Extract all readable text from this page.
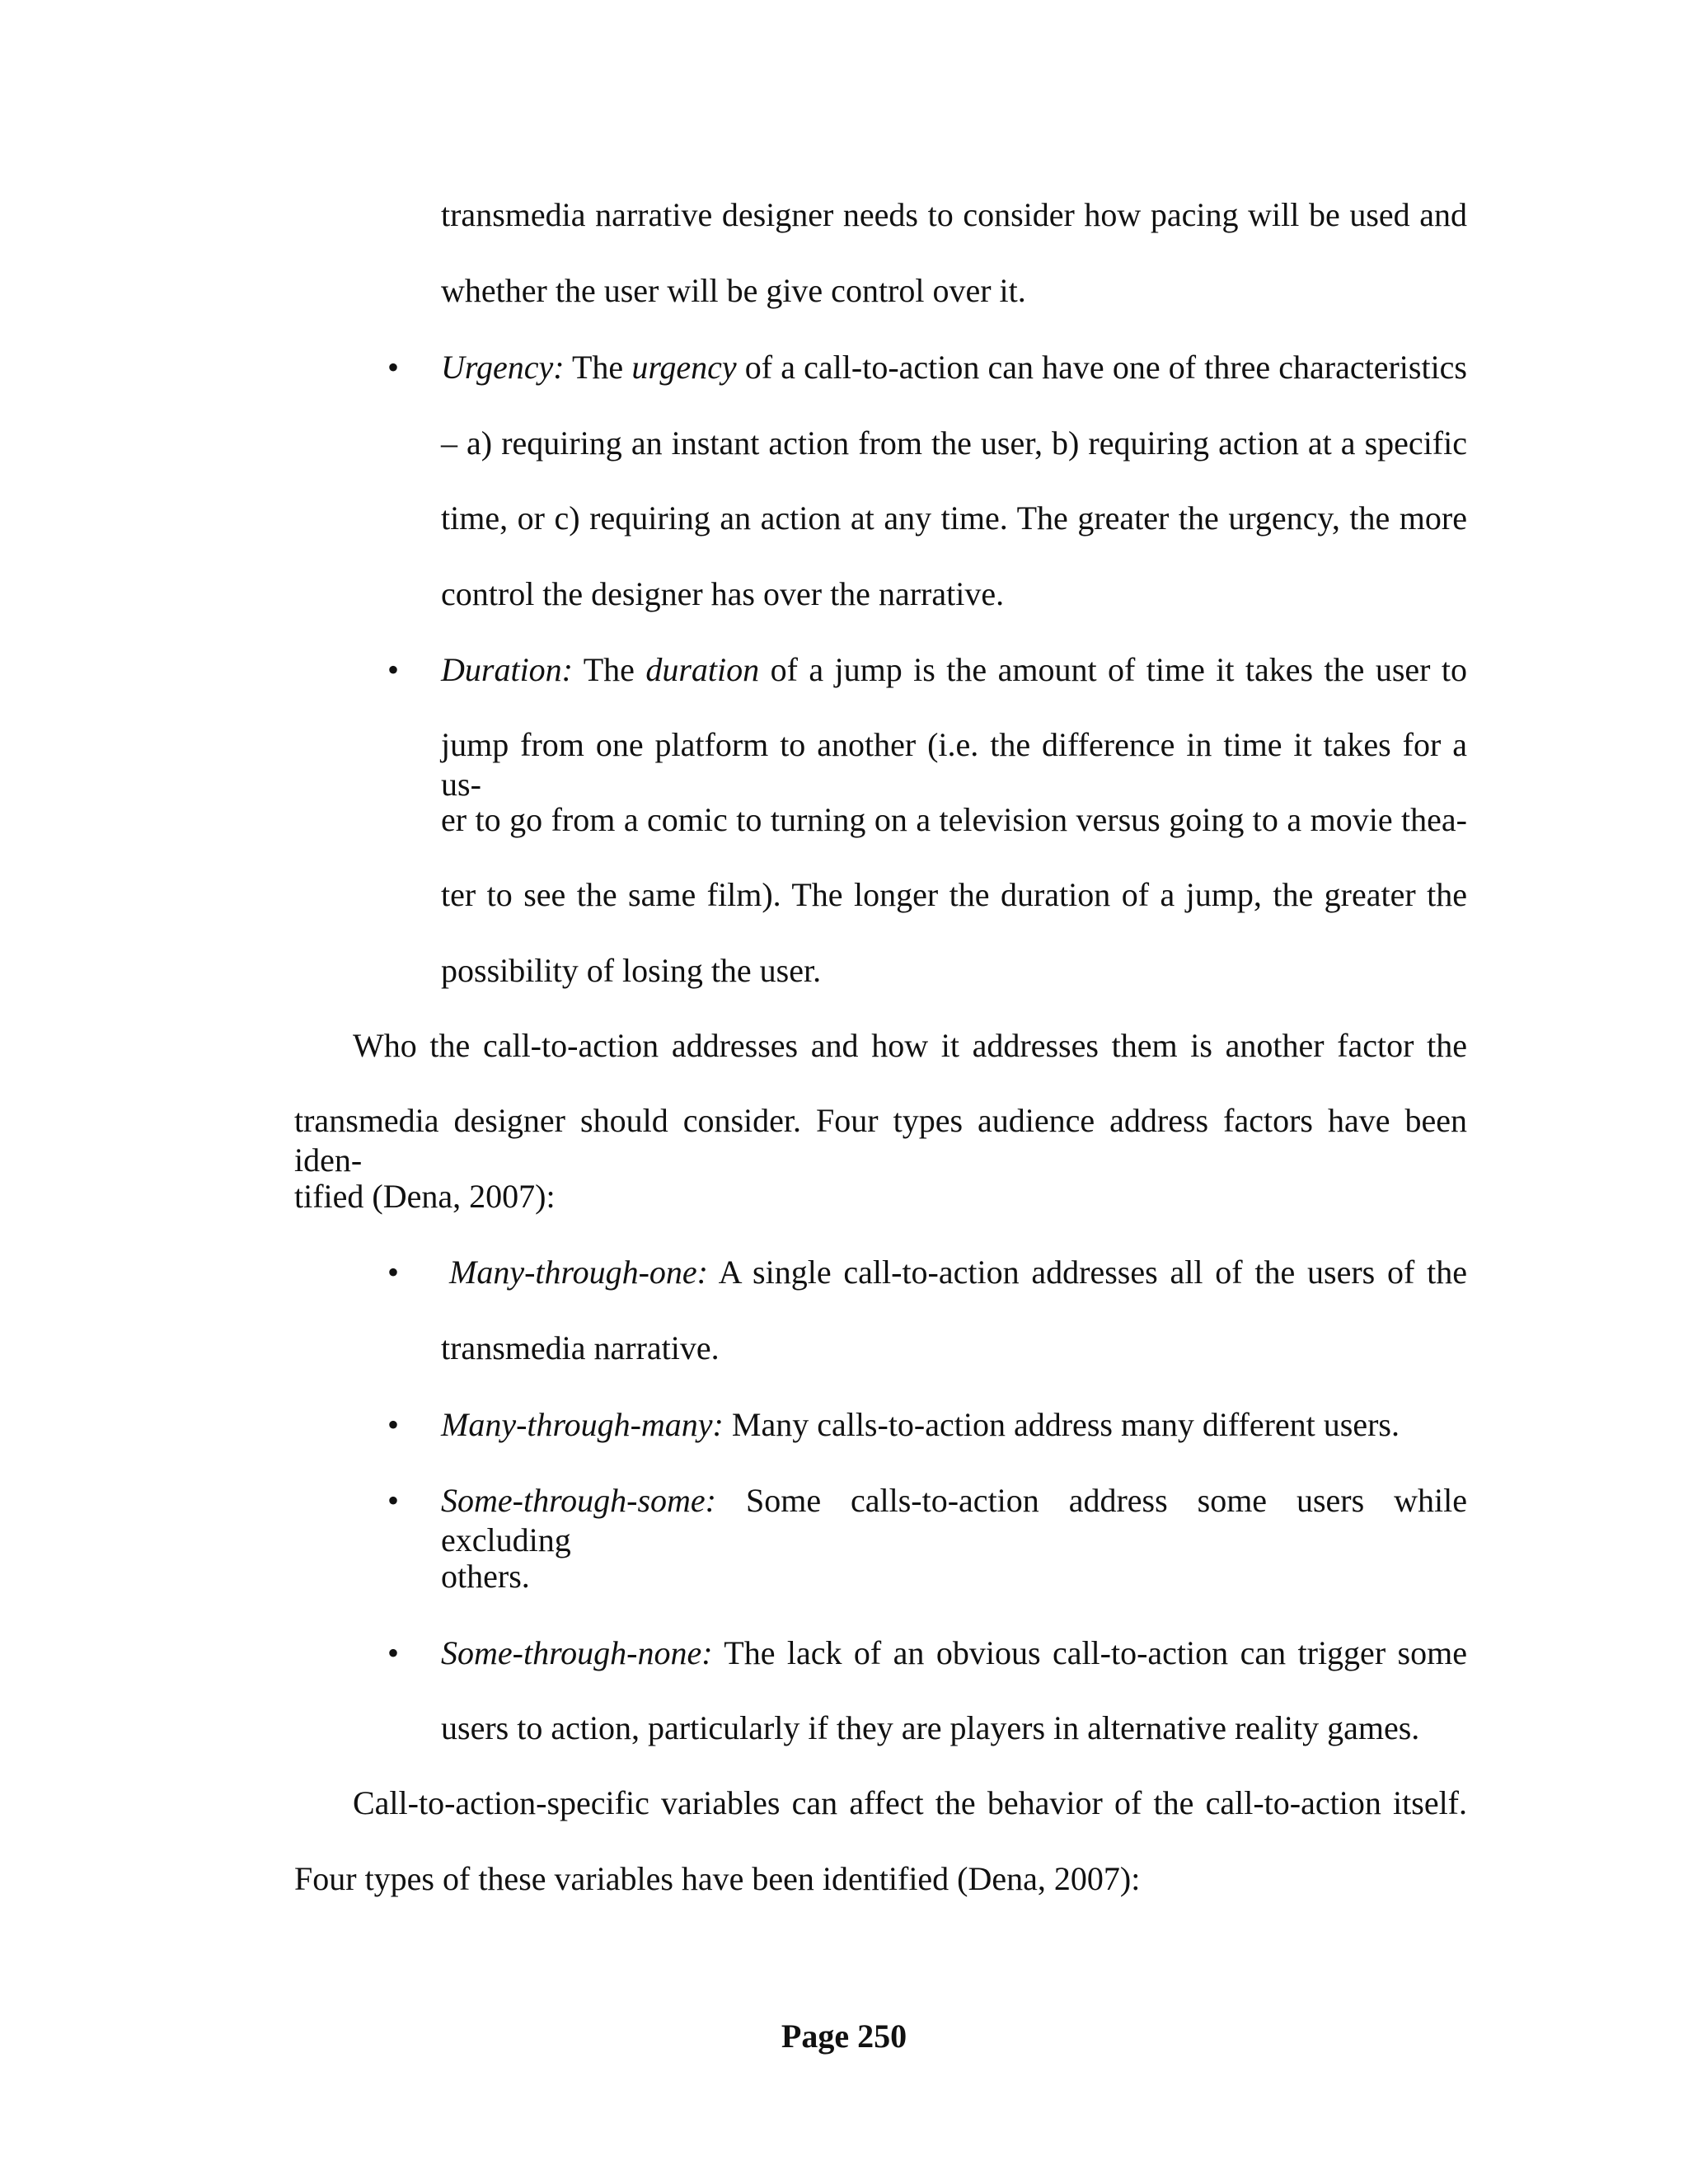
transmedia narrative designer needs to consider how pacing will be used and

whether the user will be give control over it.

• Urgency: The urgency of a call-to-action can have one of three characteristics

– a) requiring an instant action from the user, b) requiring action at a specific

time, or c) requiring an action at any time. The greater the urgency, the more

control the designer has over the narrative.

• Duration: The duration of a jump is the amount of time it takes the user to

jump from one platform to another (i.e. the difference in time it takes for a us-

er to go from a comic to turning on a television versus going to a movie thea-

ter to see the same film). The longer the duration of a jump, the greater the

possibility of losing the user.

Who the call-to-action addresses and how it addresses them is another factor the

transmedia designer should consider. Four types audience address factors have been iden-

tified (Dena, 2007):

• Many-through-one: A single call-to-action addresses all of the users of the

transmedia narrative.

• Many-through-many: Many calls-to-action address many different users.

• Some-through-some: Some calls-to-action address some users while excluding

others.

• Some-through-none: The lack of an obvious call-to-action can trigger some

users to action, particularly if they are players in alternative reality games.

Call-to-action-specific variables can affect the behavior of the call-to-action itself.

Four types of these variables have been identified (Dena, 2007):

Page 250
